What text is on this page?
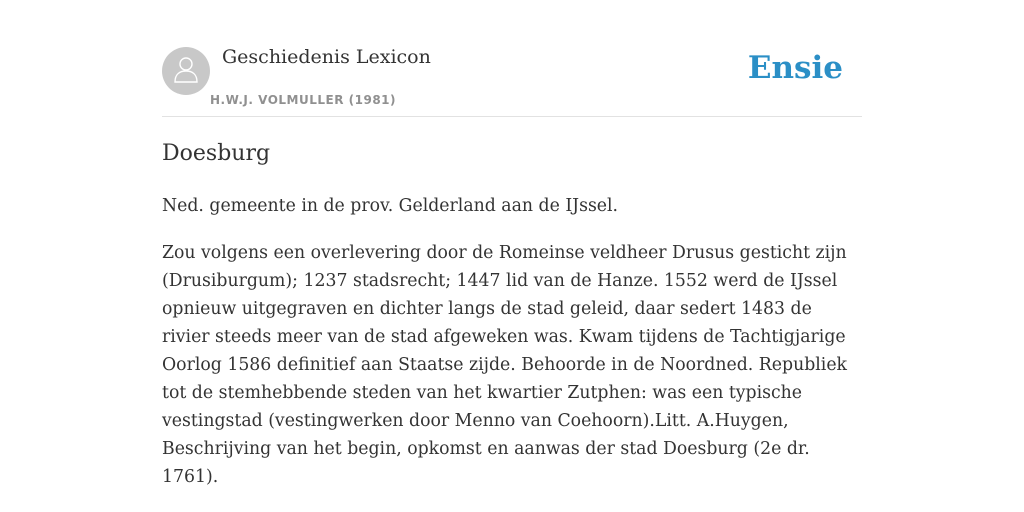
Geschiedenis Lexicon
H.W.J. VOLMULLER (1981)
Ensie
Doesburg

Ned. gemeente in de prov. Gelderland aan de IJssel.

Zou volgens een overlevering door de Romeinse veldheer Drusus gesticht zijn (Drusiburgum); 1237 stadsrecht; 1447 lid van de Hanze. 1552 werd de IJssel opnieuw uitgegraven en dichter langs de stad geleid, daar sedert 1483 de rivier steeds meer van de stad afgeweken was. Kwam tijdens de Tachtigjarige Oorlog 1586 definitief aan Staatse zijde. Behoorde in de Noordned. Republiek tot de stemhebbende steden van het kwartier Zutphen: was een typische vestingstad (vestingwerken door Menno van Coehoorn).Litt. A.Huygen, Beschrijving van het begin, opkomst en aanwas der stad Doesburg (2e dr. 1761).
